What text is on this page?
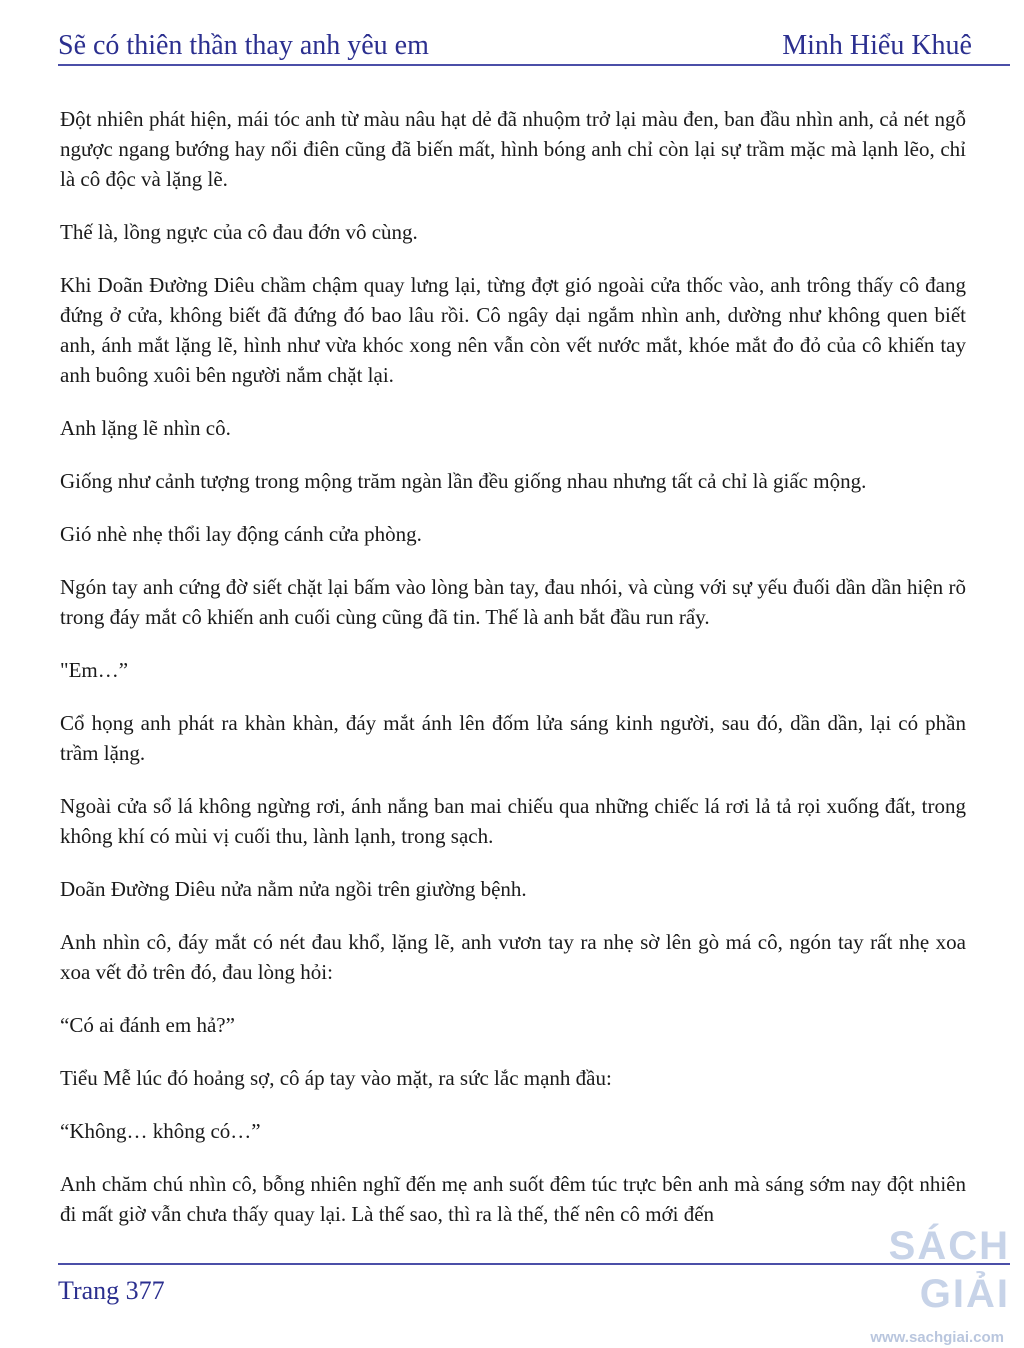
Sẽ có thiên thần thay anh yêu em	Minh Hiểu Khuê

Đột nhiên phát hiện, mái tóc anh từ màu nâu hạt dẻ đã nhuộm trở lại màu đen, ban đầu nhìn anh, cả nét ngỗ ngược ngang bướng hay nổi điên cũng đã biến mất, hình bóng anh chỉ còn lại sự trầm mặc mà lạnh lẽo, chỉ là cô độc và lặng lẽ.

Thế là, lồng ngực của cô đau đớn vô cùng.

Khi Doãn Đường Diêu chầm chậm quay lưng lại, từng đợt gió ngoài cửa thốc vào, anh trông thấy cô đang đứng ở cửa, không biết đã đứng đó bao lâu rồi. Cô ngây dại ngắm nhìn anh, dường như không quen biết anh, ánh mắt lặng lẽ, hình như vừa khóc xong nên vẫn còn vết nước mắt, khóe mắt đo đỏ của cô khiến tay anh buông xuôi bên người nắm chặt lại.

Anh lặng lẽ nhìn cô.

Giống như cảnh tượng trong mộng trăm ngàn lần đều giống nhau nhưng tất cả chỉ là giấc mộng.

Gió nhè nhẹ thổi lay động cánh cửa phòng.

Ngón tay anh cứng đờ siết chặt lại bấm vào lòng bàn tay, đau nhói, và cùng với sự yếu đuối dần dần hiện rõ trong đáy mắt cô khiến anh cuối cùng cũng đã tin. Thế là anh bắt đầu run rẩy.

"Em…”

Cổ họng anh phát ra khàn khàn, đáy mắt ánh lên đốm lửa sáng kinh người, sau đó, dần dần, lại có phần trầm lặng.

Ngoài cửa sổ lá không ngừng rơi, ánh nắng ban mai chiếu qua những chiếc lá rơi lả tả rọi xuống đất, trong không khí có mùi vị cuối thu, lành lạnh, trong sạch.

Doãn Đường Diêu nửa nằm nửa ngồi trên giường bệnh.

Anh nhìn cô, đáy mắt có nét đau khổ, lặng lẽ, anh vươn tay ra nhẹ sờ lên gò má cô, ngón tay rất nhẹ xoa xoa vết đỏ trên đó, đau lòng hỏi:

“Có ai đánh em hả?”

Tiểu Mễ lúc đó hoảng sợ, cô áp tay vào mặt, ra sức lắc mạnh đầu:

“Không… không có…”

Anh chăm chú nhìn cô, bỗng nhiên nghĩ đến mẹ anh suốt đêm túc trực bên anh mà sáng sớm nay đột nhiên đi mất giờ vẫn chưa thấy quay lại. Là thế sao, thì ra là thế, thế nên cô mới đến

Trang 377
SÁCH GIẢI
www.sachgiai.com
